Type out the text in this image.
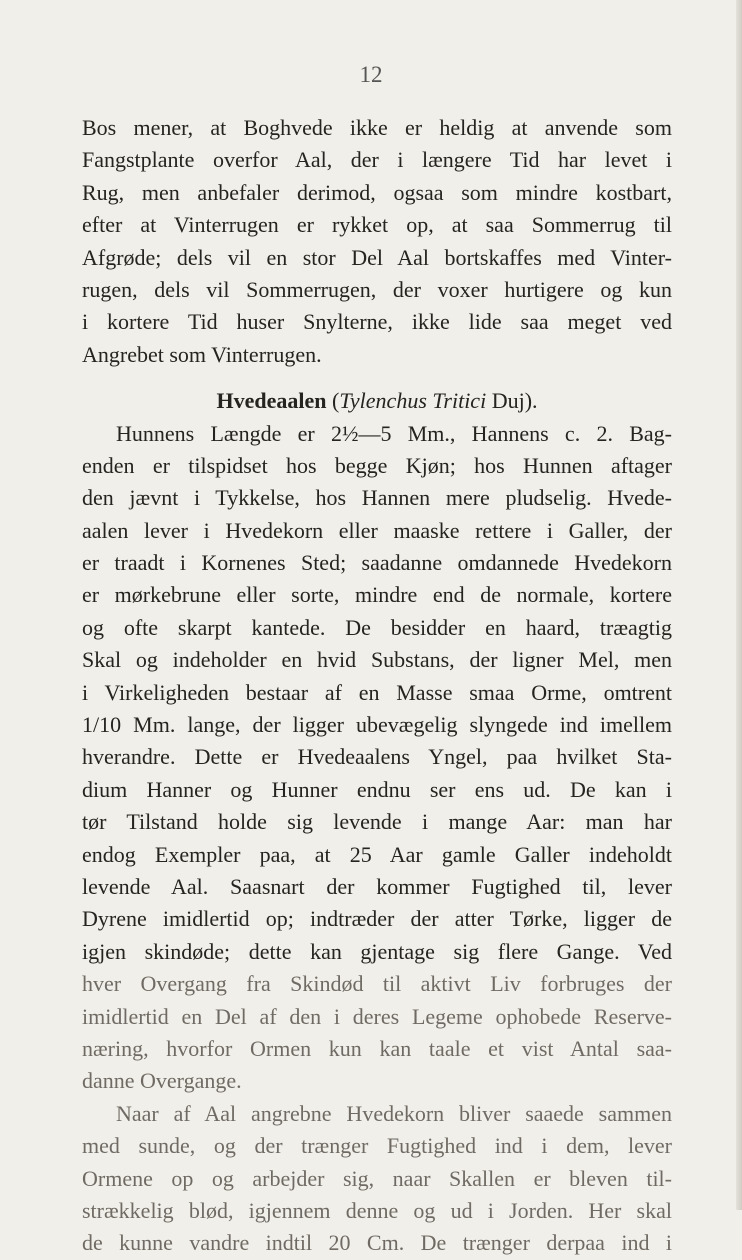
12
Bos mener, at Boghvede ikke er heldig at anvende som
Fangstplante overfor Aal, der i længere Tid har levet i
Rug, men anbefaler derimod, ogsaa som mindre kostbart,
efter at Vinterrugen er rykket op, at saa Sommerrug til
Afgrøde; dels vil en stor Del Aal bortskaffes med Vinter-
rugen, dels vil Sommerrugen, der voxer hurtigere og kun
i kortere Tid huser Snylterne, ikke lide saa meget ved
Angrebet som Vinterrugen.
Hvedeaalen (Tylenchus Tritici Duj).
Hunnens Længde er 2½—5 Mm., Hannens c. 2. Bag-
enden er tilspidset hos begge Kjøn; hos Hunnen aftager
den jævnt i Tykkelse, hos Hannen mere pludselig. Hvede-
aalen lever i Hvedekorn eller maaske rettere i Galler, der
er traadt i Kornenes Sted; saadanne omdannede Hvedekorn
er mørkebrune eller sorte, mindre end de normale, kortere
og ofte skarpt kantede. De besidder en haard, træagtig
Skal og indeholder en hvid Substans, der ligner Mel, men
i Virkeligheden bestaar af en Masse smaa Orme, omtrent
1/10 Mm. lange, der ligger ubevægelig slyngede ind imellem
hverandre. Dette er Hvedeaalens Yngel, paa hvilket Sta-
dium Hanner og Hunner endnu ser ens ud. De kan i
tør Tilstand holde sig levende i mange Aar: man har
endog Exempler paa, at 25 Aar gamle Galler indeholdt
levende Aal. Saasnart der kommer Fugtighed til, lever
Dyrene imidlertid op; indtræder der atter Tørke, ligger de
igjen skindøde; dette kan gjentage sig flere Gange. Ved
hver Overgang fra Skindød til aktivt Liv forbruges der
imidlertid en Del af den i deres Legeme ophobede Reserve-
næring, hvorfor Ormen kun kan taale et vist Antal saa-
danne Overgange.
Naar af Aal angrebne Hvedekorn bliver saaede sammen
med sunde, og der trænger Fugtighed ind i dem, lever
Ormene op og arbejder sig, naar Skallen er bleven til-
strækkelig blød, igjennem denne og ud i Jorden. Her skal
de kunne vandre indtil 20 Cm. De trænger derpaa ind i
